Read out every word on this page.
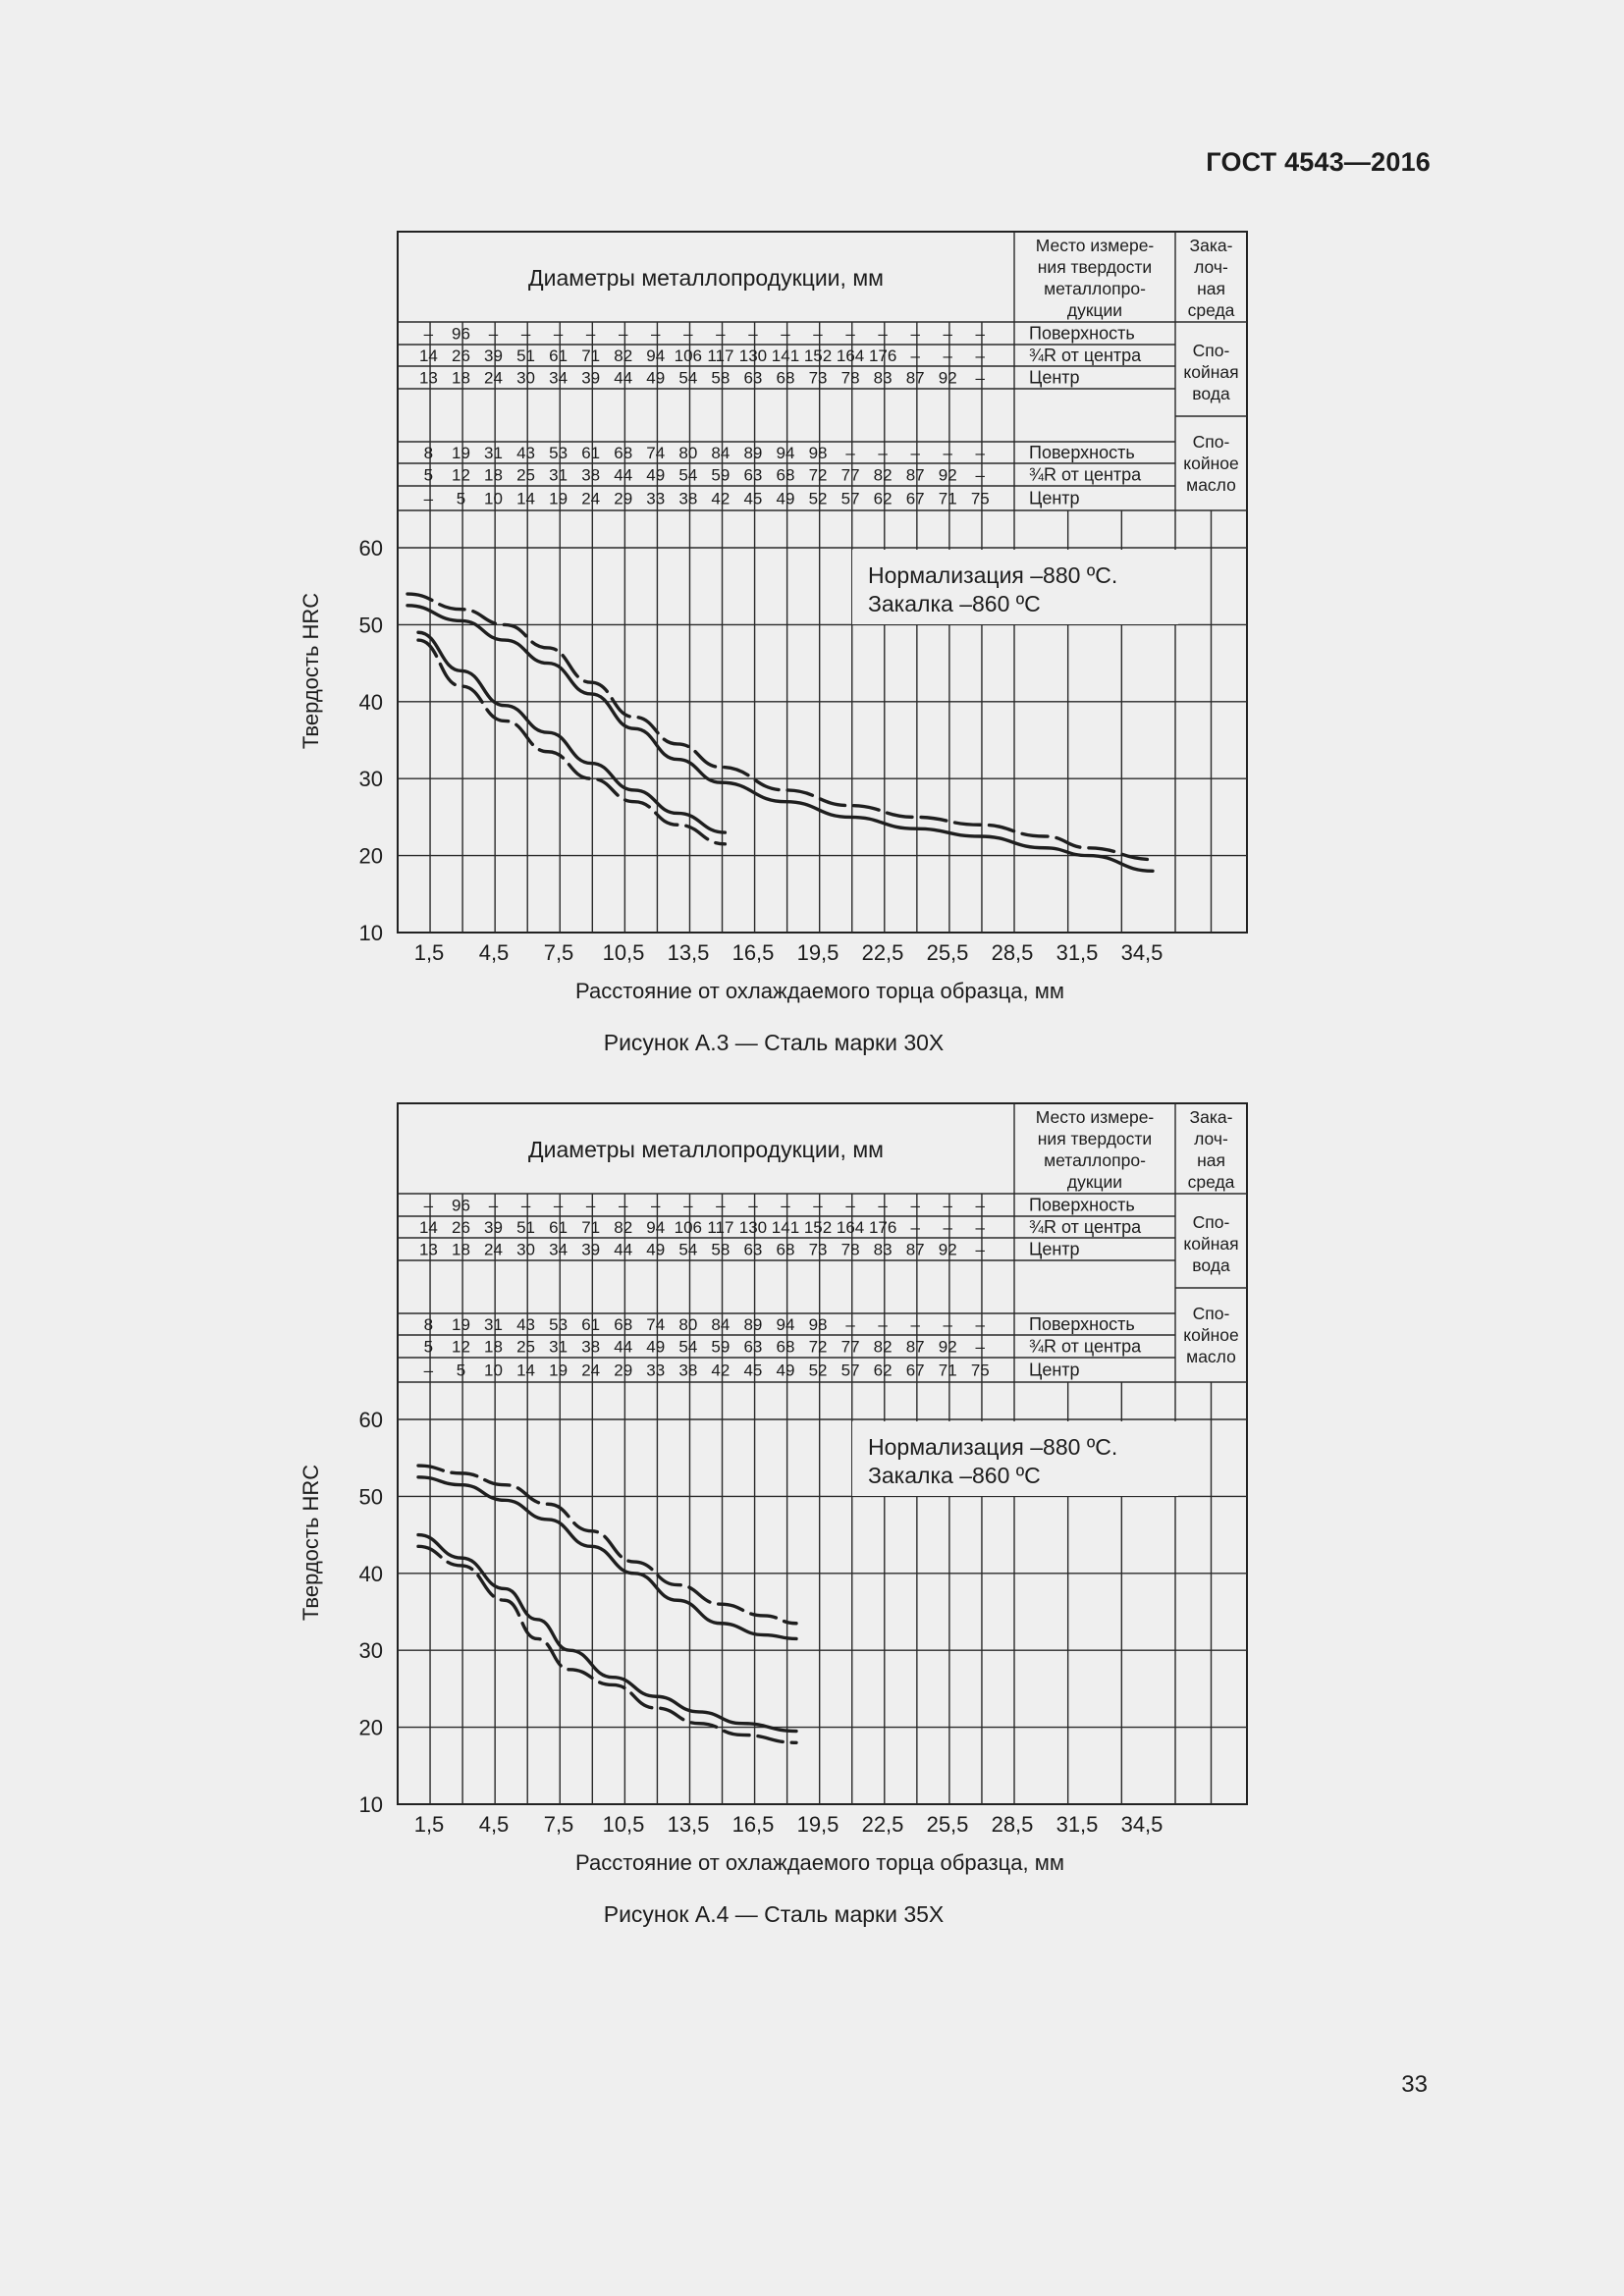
ГОСТ 4543—2016
Диаметры металлопродукции, мм
Место измере-
ния твердости
металлопро-
дукции
Зака-
лоч-
ная
среда
– 96 – – – – – – – – – – – – – – – – Поверхность
14 26 39 51 61 71 82 94 106 117 130 141 152 164 176 – – – ¾R от центра
13 18 24 30 34 39 44 49 54 58 63 68 73 78 83 87 92 – Центр
8 19 31 43 53 61 68 74 80 84 89 94 98 – – – – – Поверхность
5 12 18 25 31 38 44 49 54 59 63 68 72 77 82 87 92 – ¾R от центра
– 5 10 14 19 24 29 33 38 42 45 49 52 57 62 67 71 75 Центр
Спо-
койная
вода
Спо-
койное
масло
Нормализация –880 ºC.
Закалка –860 ºC
10
20
30
40
50
60
1,5 4,5 7,5 10,5 13,5 16,5 19,5 22,5 25,5 28,5 31,5 34,5
Расстояние от охлаждаемого торца образца, мм
Твердость HRC
Рисунок А.3 — Сталь марки 30Х
Диаметры металлопродукции, мм
Место измере-
ния твердости
металлопро-
дукции
Зака-
лоч-
ная
среда
– 96 – – – – – – – – – – – – – – – – Поверхность
14 26 39 51 61 71 82 94 106 117 130 141 152 164 176 – – – ¾R от центра
13 18 24 30 34 39 44 49 54 58 63 68 73 78 83 87 92 – Центр
8 19 31 43 53 61 68 74 80 84 89 94 98 – – – – – Поверхность
5 12 18 25 31 38 44 49 54 59 63 68 72 77 82 87 92 – ¾R от центра
– 5 10 14 19 24 29 33 38 42 45 49 52 57 62 67 71 75 Центр
Спо-
койная
вода
Спо-
койное
масло
Нормализация –880 ºC.
Закалка –860 ºC
10
20
30
40
50
60
1,5 4,5 7,5 10,5 13,5 16,5 19,5 22,5 25,5 28,5 31,5 34,5
Расстояние от охлаждаемого торца образца, мм
Твердость HRC
Рисунок А.4 — Сталь марки 35Х
33
